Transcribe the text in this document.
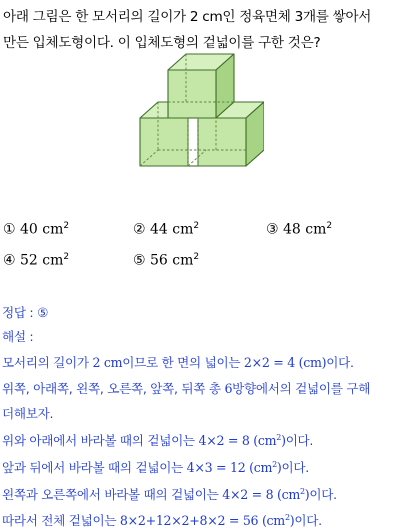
아래 그림은 한 모서리의 길이가 2 cm인 정육면체 3개를 쌓아서
만든 입체도형이다. 이 입체도형의 겉넓이를 구한 것은?
① 40 $cm^2$	② 44 $cm^2$	③ 48 $cm^2$
④ 52 $cm^2$	⑤ 56 $cm^2$
정답 : ⑤
해설 :
모서리의 길이가 2 cm이므로 한 면의 넓이는 2×2 = 4 (cm)이다.
위쪽, 아래쪽, 왼쪽, 오른쪽, 앞쪽, 뒤쪽 총 6방향에서의 겉넓이를 구해
더해보자.
위와 아래에서 바라볼 때의 겉넓이는 4×2 = 8 $(cm^2)$이다.
앞과 뒤에서 바라볼 때의 겉넓이는 4×3 = 12 $(cm^2)$이다.
왼쪽과 오른쪽에서 바라볼 때의 겉넓이는 4×2 = 8 $(cm^2)$이다.
따라서 전체 겉넓이는 8×2+12×2+8×2 = 56 $(cm^2)$이다.
